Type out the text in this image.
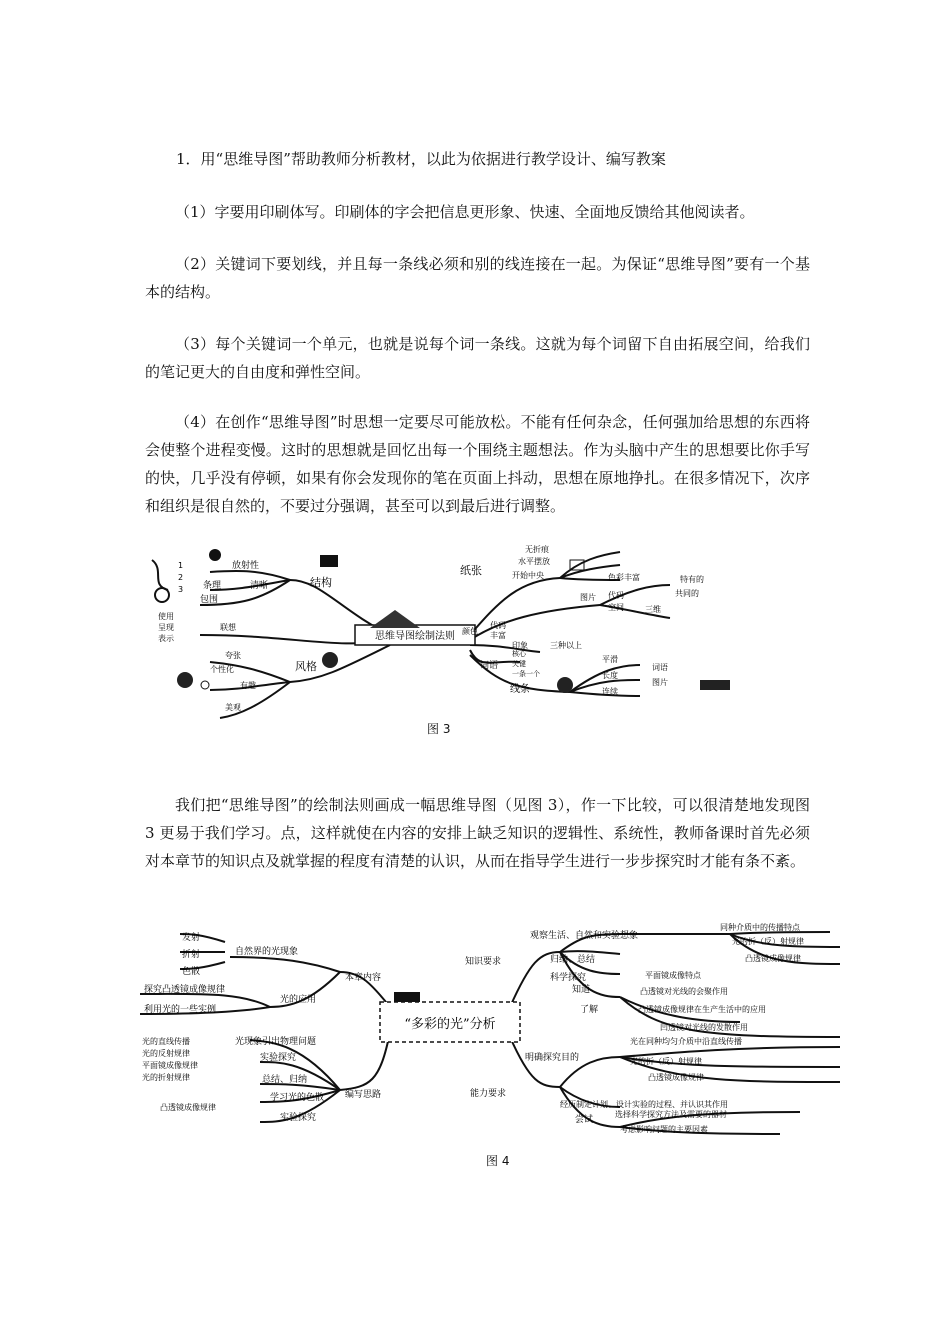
1．用“思维导图”帮助教师分析教材，以此为依据进行教学设计、编写教案

（1）字要用印刷体写。印刷体的字会把信息更形象、快速、全面地反馈给其他阅读者。

（2）关键词下要划线，并且每一条线必须和别的线连接在一起。为保证“思维导图”要有一个基本的结构。

（3）每个关键词一个单元，也就是说每个词一条线。这就为每个词留下自由拓展空间，给我们的笔记更大的自由度和弹性空间。

（4）在创作“思维导图”时思想一定要尽可能放松。不能有任何杂念，任何强加给思想的东西将会使整个进程变慢。这时的思想就是回忆出每一个围绕主题想法。作为头脑中产生的思想要比你手写的快，几乎没有停顿，如果有你会发现你的笔在页面上抖动，思想在原地挣扎。在很多情况下，次序和组织是很自然的，不要过分强调，甚至可以到最后进行调整。

思维导图绘制法则
结构
放射性
条理	清晰
包围
1
2
3
使用
呈现
表示
联想
风格
夸张
个性化
有趣
美观
纸张
无折痕
水平摆放
开始中央
图片
色彩丰富
代码
空间	三维
特有的
共同的
颜色
代码
丰富
印象	三种以上
词语
核心
关键
一条一个
线条
平滑
长度
连续
词语
图片
图 3

我们把“思维导图”的绘制法则画成一幅思维导图（见图 3），作一下比较，可以很清楚地发现图 3 更易于我们学习。点，这样就使在内容的安排上缺乏知识的逻辑性、系统性，教师备课时首先必须对本章节的知识点及就掌握的程度有清楚的认识，从而在指导学生进行一步步探究时才能有条不紊。

“多彩的光”分析
本章内容
自然界的光现象
光的应用
发射
折射
色散
探究凸透镜成像规律
利用光的一些实例
编写思路
光现象引出物理问题
实验探究
总结、归纳
学习光的色散
实验探究
光的直线传播
光的反射规律
平面镜成像规律
光的折射规律
凸透镜成像规律
知识要求
观察生活、自然和实验想象
归纳、总结
科学探究
知道
了解
同种介质中的传播特点
光的折（反）射规律
凸透镜成像规律
平面镜成像特点
凸透镜对光线的会聚作用
凸透镜成像规律在生产生活中的应用
凹透镜对光线的发散作用
能力要求
明确探究目的
经历制定计划、设计实验的过程、并认识其作用
尝试
光在同种均匀介质中沿直线传播
光的折（反）射规律
凸透镜成像规律
选择科学探究方法及需要的器材
考虑影响问题的主要因素
图 4
